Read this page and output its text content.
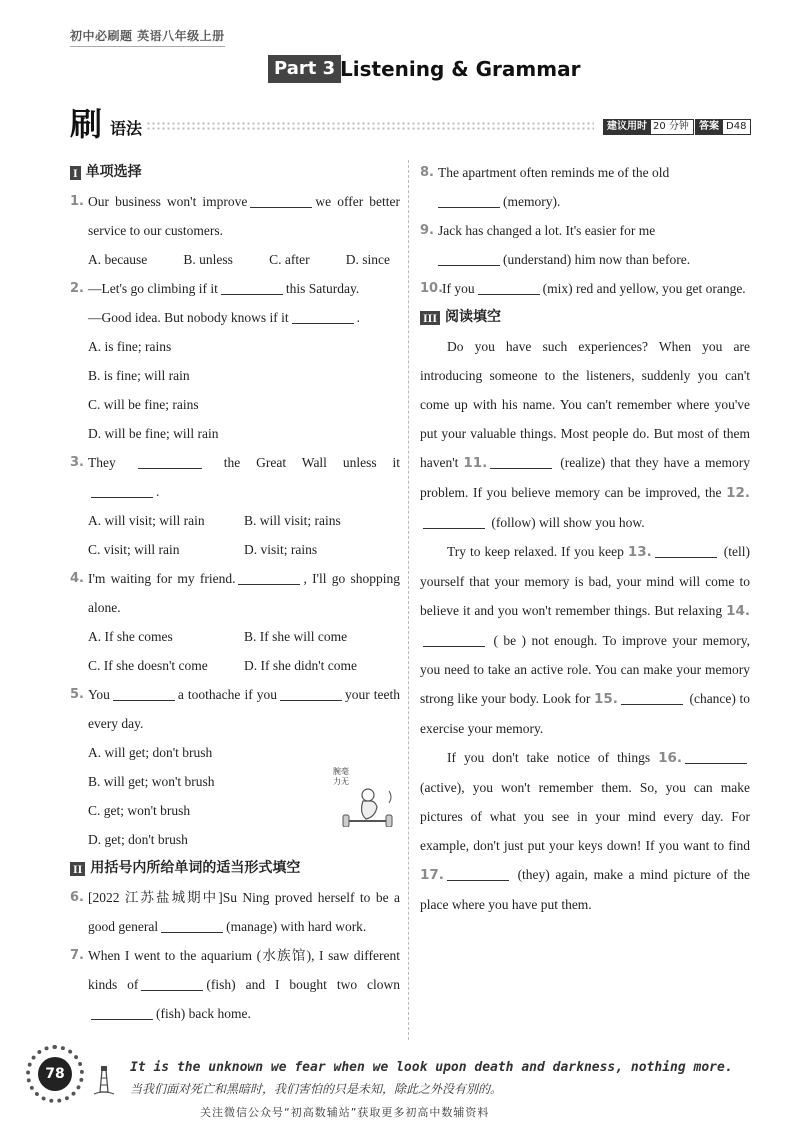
初中必刷题 英语八年级上册
Part 3 Listening & Grammar
刷 语法	建议用时 20 分钟	答案 D48
I 单项选择
1. Our business won't improve	we offer better service to our customers.
A. because	B. unless	C. after	D. since
2. —Let's go climbing if it	this Saturday.
—Good idea. But nobody knows if it	.
A. is fine; rains
B. is fine; will rain
C. will be fine; rains
D. will be fine; will rain
3. They	the Great Wall unless it.
A. will visit; will rain	B. will visit; rains
C. visit; will rain	D. visit; rains
4. I'm waiting for my friend.	, I'll go shopping alone.
A. If she comes	B. If she will come
C. If she doesn't come	D. If she didn't come
5. You	a toothache if you	your teeth every day.
A. will get; don't brush
B. will get; won't brush
C. get; won't brush
D. get; don't brush
II 用括号内所给单词的适当形式填空
6. [2022 江苏盐城期中]Su Ning proved herself to be a good general	(manage) with hard work.
7. When I went to the aquarium (水族馆), I saw different kinds of	(fish) and I bought two clown(fish) back home.
腕毫力无
8. The apartment often reminds me of the old
(memory).
9. Jack has changed a lot. It's easier for me
(understand) him now than before.
10.
If you	(mix) red and yellow, you get orange.
III 阅读填空
Do you have such experiences? When you are introducing someone to the listeners, suddenly you can't come up with his name. You can't remember where you've put your valuable things. Most people do. But most of them haven't 11.	(realize) that they have a memory problem. If you believe memory can be improved, the 12. (follow) will show you how.
Try to keep relaxed. If you keep 13.	(tell) yourself that your memory is bad, your mind will come to believe it and you won't remember things. But relaxing 14. ( be ) not enough. To improve your memory, you need to take an active role. You can make your memory strong like your body. Look for 15.	(chance) to exercise your memory.
If you don't take notice of things 16. (active), you won't remember them. So, you can make pictures of what you see in your mind every day. For example, don't just put your keys down! If you want to find 17.	(they) again, make a mind picture of the place where you have put them.
78	It is the unknown we fear when we look upon death and darkness, nothing more.
当我们面对死亡和黑暗时，我们害怕的只是未知，除此之外没有别的。
关注微信公众号“初高数辅站”获取更多初高中数辅资料
